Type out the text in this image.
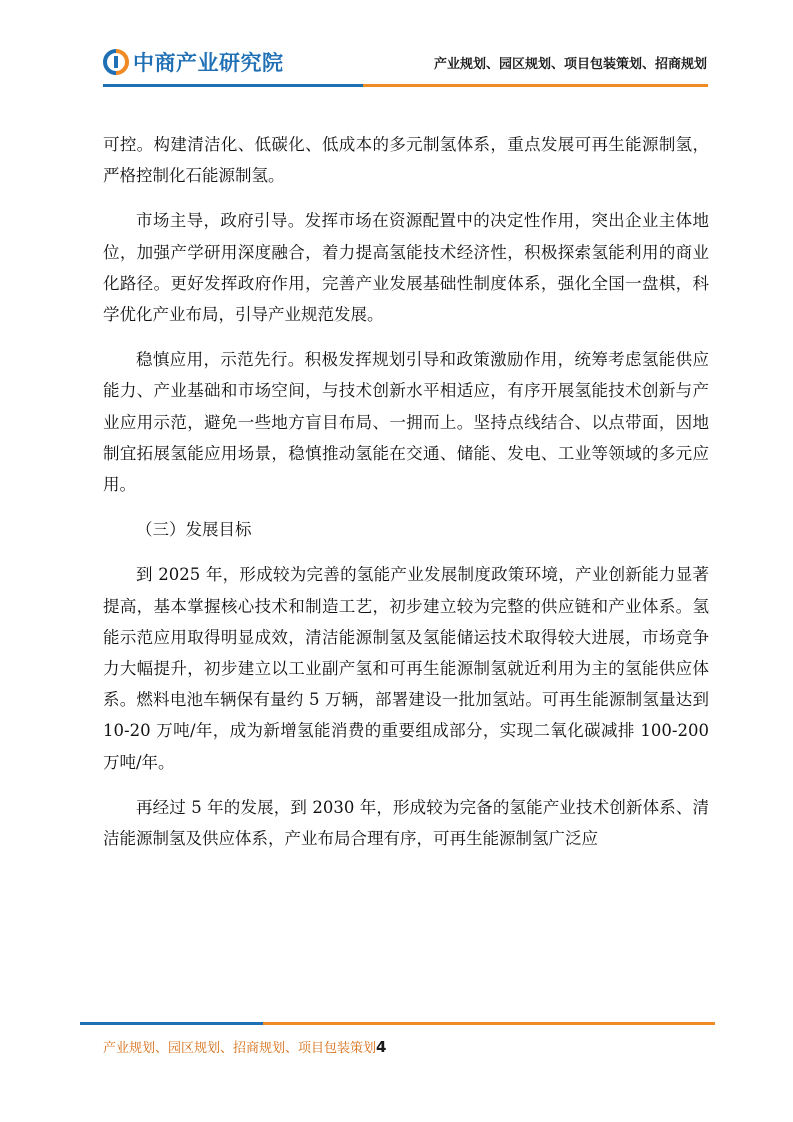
中商产业研究院	产业规划、园区规划、项目包装策划、招商规划

可控。构建清洁化、低碳化、低成本的多元制氢体系，重点发展可再生能源制氢，严格控制化石能源制氢。

市场主导，政府引导。发挥市场在资源配置中的决定性作用，突出企业主体地位，加强产学研用深度融合，着力提高氢能技术经济性，积极探索氢能利用的商业化路径。更好发挥政府作用，完善产业发展基础性制度体系，强化全国一盘棋，科学优化产业布局，引导产业规范发展。

稳慎应用，示范先行。积极发挥规划引导和政策激励作用，统筹考虑氢能供应能力、产业基础和市场空间，与技术创新水平相适应，有序开展氢能技术创新与产业应用示范，避免一些地方盲目布局、一拥而上。坚持点线结合、以点带面，因地制宜拓展氢能应用场景，稳慎推动氢能在交通、储能、发电、工业等领域的多元应用。

（三）发展目标

到 2025 年，形成较为完善的氢能产业发展制度政策环境，产业创新能力显著提高，基本掌握核心技术和制造工艺，初步建立较为完整的供应链和产业体系。氢能示范应用取得明显成效，清洁能源制氢及氢能储运技术取得较大进展，市场竞争力大幅提升，初步建立以工业副产氢和可再生能源制氢就近利用为主的氢能供应体系。燃料电池车辆保有量约 5 万辆，部署建设一批加氢站。可再生能源制氢量达到 10-20 万吨/年，成为新增氢能消费的重要组成部分，实现二氧化碳减排 100-200 万吨/年。

再经过 5 年的发展，到 2030 年，形成较为完备的氢能产业技术创新体系、清洁能源制氢及供应体系，产业布局合理有序，可再生能源制氢广泛应

产业规划、园区规划、招商规划、项目包装策划4
